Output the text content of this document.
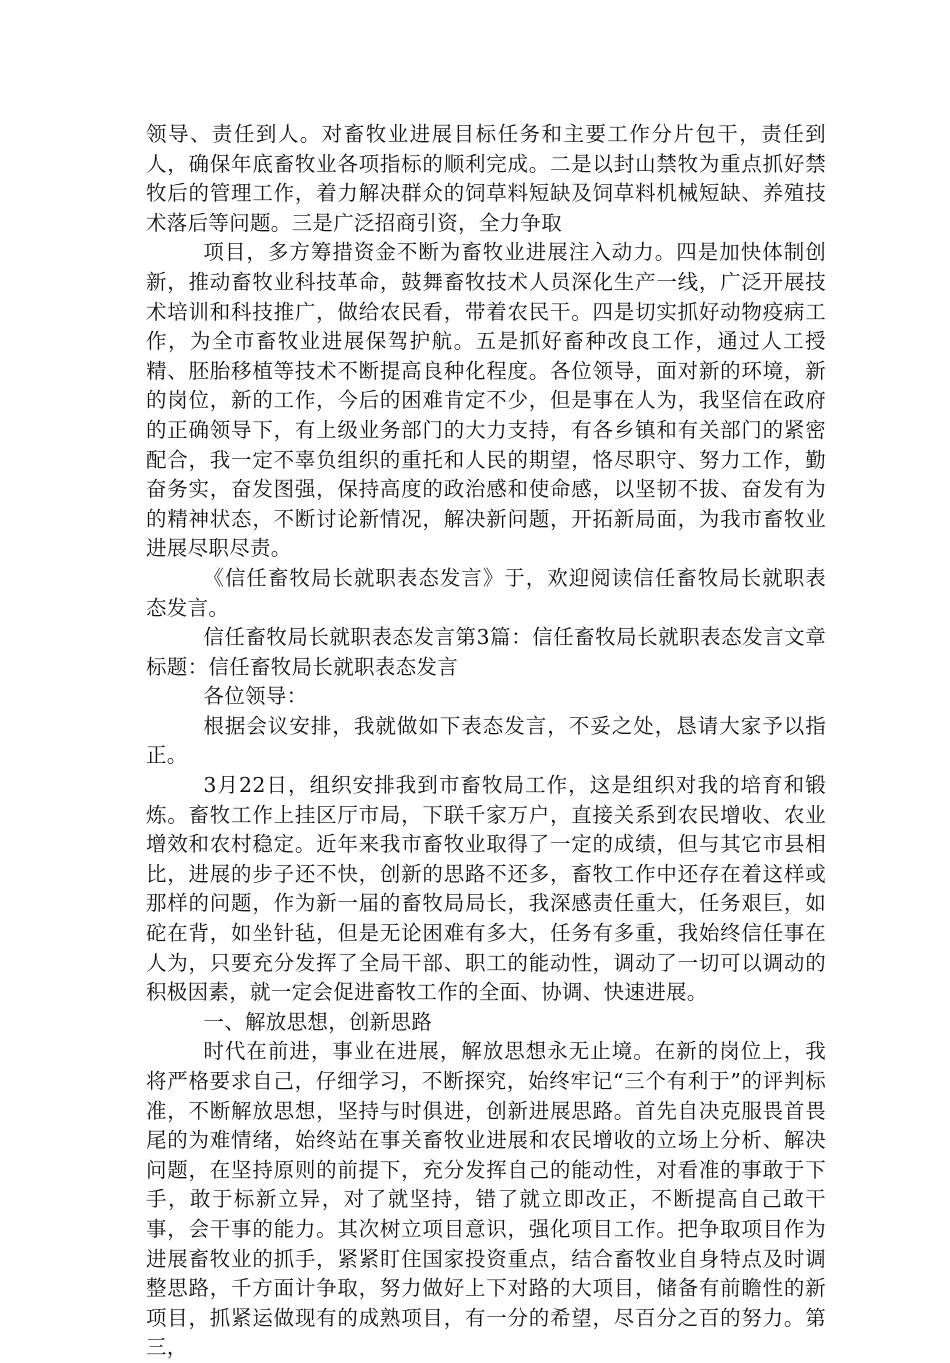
领导、责任到人。对畜牧业进展目标任务和主要工作分片包干，责任到人，确保年底畜牧业各项指标的顺利完成。二是以封山禁牧为重点抓好禁牧后的管理工作，着力解决群众的饲草料短缺及饲草料机械短缺、养殖技术落后等问题。三是广泛招商引资，全力争取

项目，多方筹措资金不断为畜牧业进展注入动力。四是加快体制创新，推动畜牧业科技革命，鼓舞畜牧技术人员深化生产一线，广泛开展技术培训和科技推广，做给农民看，带着农民干。四是切实抓好动物疫病工作，为全市畜牧业进展保驾护航。五是抓好畜种改良工作，通过人工授精、胚胎移植等技术不断提高良种化程度。各位领导，面对新的环境，新的岗位，新的工作，今后的困难肯定不少，但是事在人为，我坚信在政府的正确领导下，有上级业务部门的大力支持，有各乡镇和有关部门的紧密配合，我一定不辜负组织的重托和人民的期望，恪尽职守、努力工作，勤奋务实，奋发图强，保持高度的政治感和使命感，以坚韧不拔、奋发有为的精神状态，不断讨论新情况，解决新问题，开拓新局面，为我市畜牧业进展尽职尽责。

《信任畜牧局长就职表态发言》于，欢迎阅读信任畜牧局长就职表态发言。

信任畜牧局长就职表态发言第3篇：信任畜牧局长就职表态发言文章标题：信任畜牧局长就职表态发言

各位领导：

根据会议安排，我就做如下表态发言，不妥之处，恳请大家予以指正。

3月22日，组织安排我到市畜牧局工作，这是组织对我的培育和锻炼。畜牧工作上挂区厅市局，下联千家万户，直接关系到农民增收、农业增效和农村稳定。近年来我市畜牧业取得了一定的成绩，但与其它市县相比，进展的步子还不快，创新的思路不还多，畜牧工作中还存在着这样或那样的问题，作为新一届的畜牧局局长，我深感责任重大，任务艰巨，如砣在背，如坐针毡，但是无论困难有多大，任务有多重，我始终信任事在人为，只要充分发挥了全局干部、职工的能动性，调动了一切可以调动的积极因素，就一定会促进畜牧工作的全面、协调、快速进展。

一、解放思想，创新思路

时代在前进，事业在进展，解放思想永无止境。在新的岗位上，我将严格要求自己，仔细学习，不断探究，始终牢记“三个有利于”的评判标准，不断解放思想，坚持与时俱进，创新进展思路。首先自决克服畏首畏尾的为难情绪，始终站在事关畜牧业进展和农民增收的立场上分析、解决问题，在坚持原则的前提下，充分发挥自己的能动性，对看准的事敢于下手，敢于标新立异，对了就坚持，错了就立即改正，不断提高自己敢干事，会干事的能力。其次树立项目意识，强化项目工作。把争取项目作为进展畜牧业的抓手，紧紧盯住国家投资重点，结合畜牧业自身特点及时调整思路，千方面计争取，努力做好上下对路的大项目，储备有前瞻性的新项目，抓紧运做现有的成熟项目，有一分的希望，尽百分之百的努力。第三，
